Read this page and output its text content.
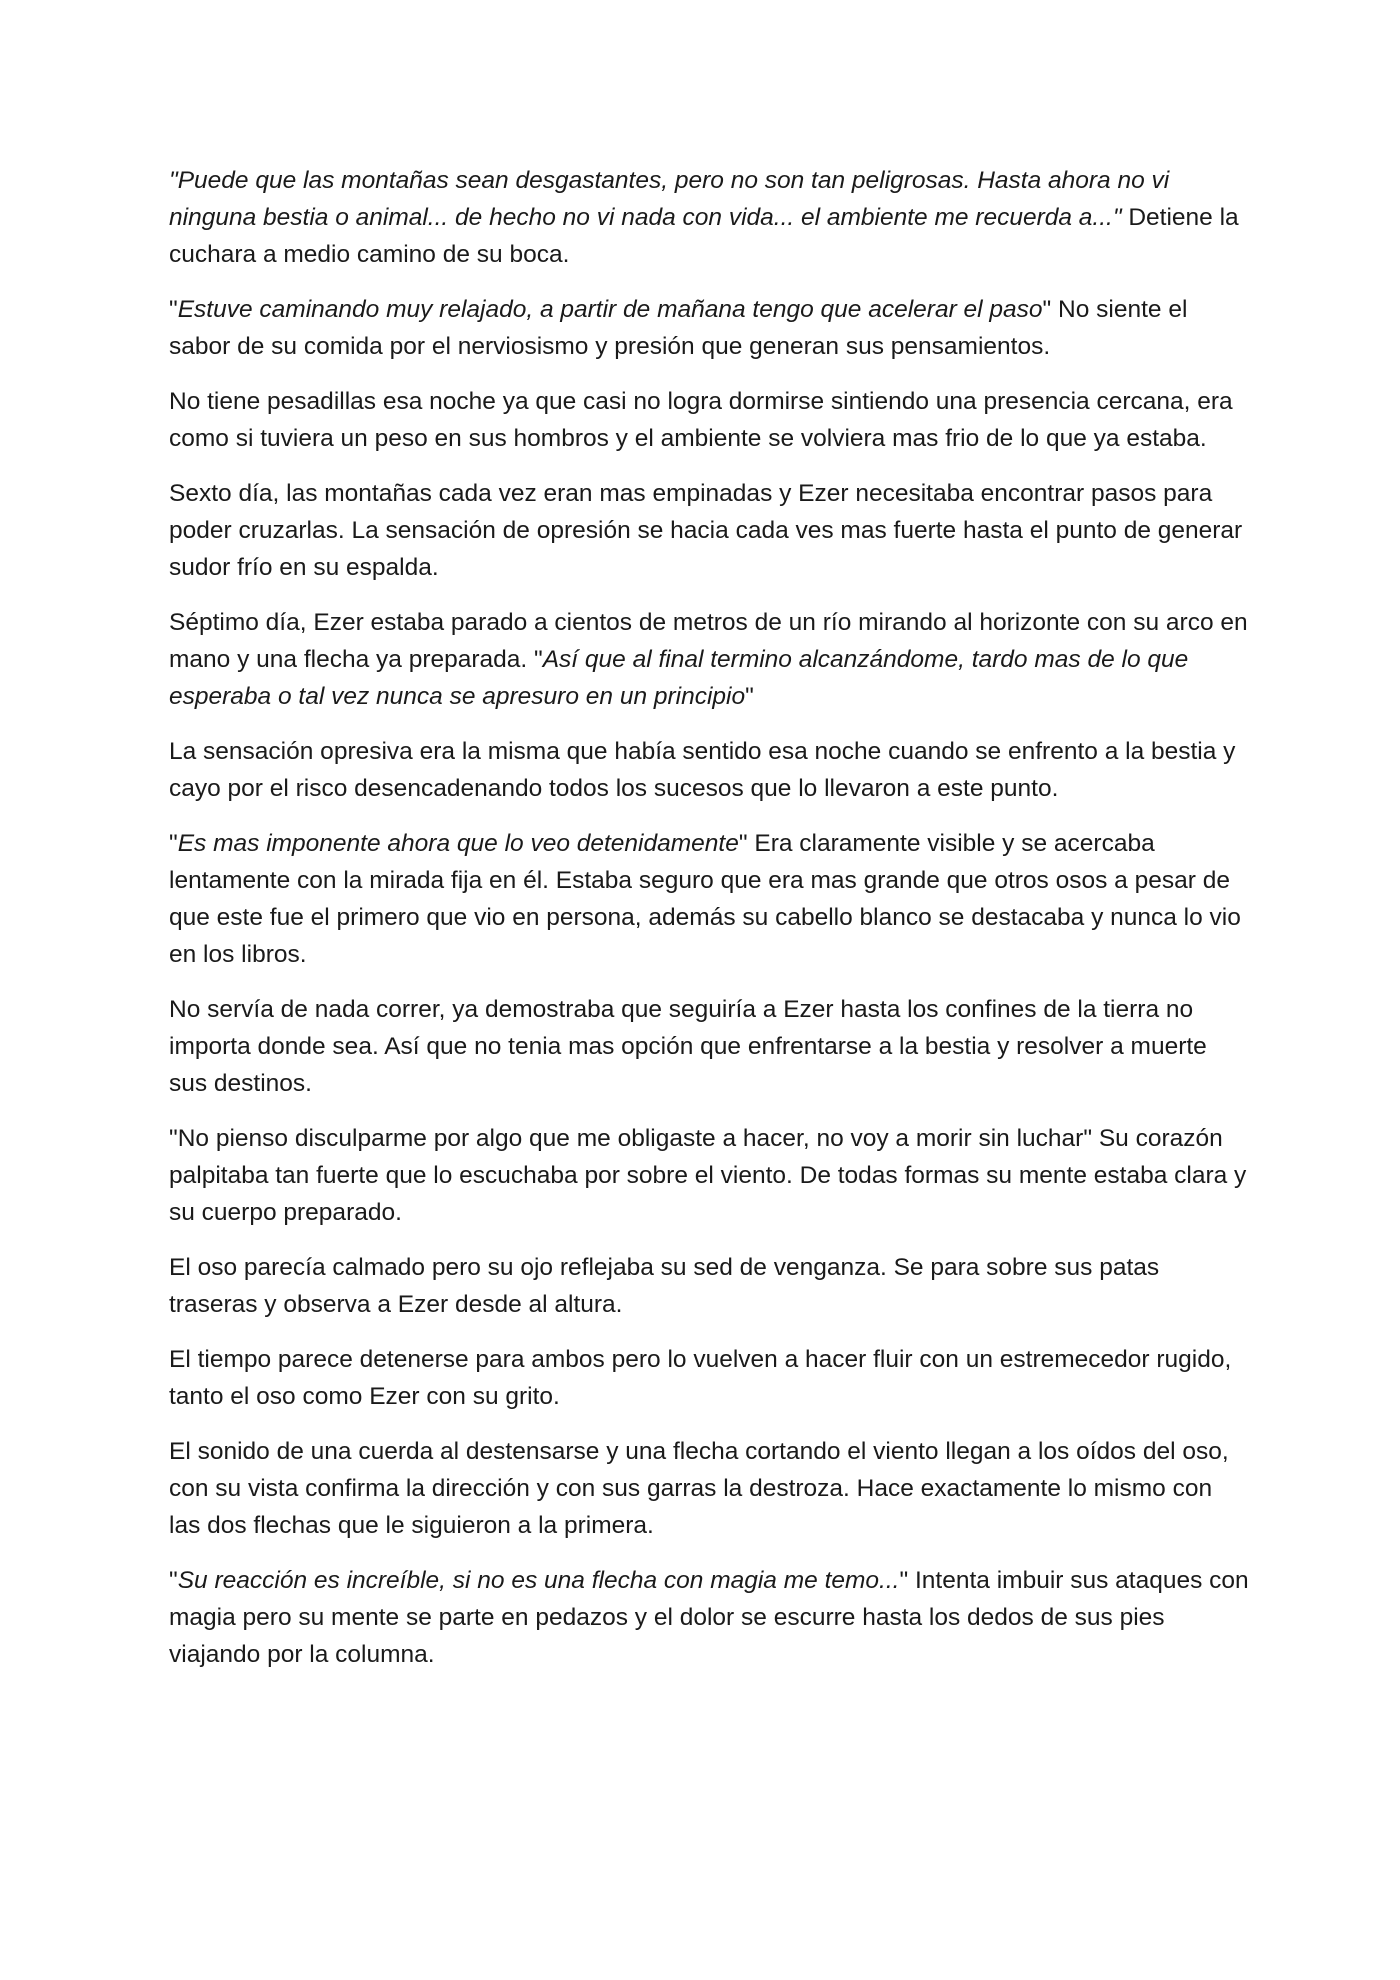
"Puede que las montañas sean desgastantes, pero no son tan peligrosas. Hasta ahora no vi ninguna bestia o animal... de hecho no vi nada con vida... el ambiente me recuerda a..." Detiene la cuchara a medio camino de su boca.

"Estuve caminando muy relajado, a partir de mañana tengo que acelerar el paso" No siente el sabor de su comida por el nerviosismo y presión que generan sus pensamientos.

No tiene pesadillas esa noche ya que casi no logra dormirse sintiendo una presencia cercana, era como si tuviera un peso en sus hombros y el ambiente se volviera mas frio de lo que ya estaba.

Sexto día, las montañas cada vez eran mas empinadas y Ezer necesitaba encontrar pasos para poder cruzarlas. La sensación de opresión se hacia cada ves mas fuerte hasta el punto de generar sudor frío en su espalda.

Séptimo día, Ezer estaba parado a cientos de metros de un río mirando al horizonte con su arco en mano y una flecha ya preparada. "Así que al final termino alcanzándome, tardo mas de lo que esperaba o tal vez nunca se apresuro en un principio"

La sensación opresiva era la misma que había sentido esa noche cuando se enfrento a la bestia y cayo por el risco desencadenando todos los sucesos que lo llevaron a este punto.

"Es mas imponente ahora que lo veo detenidamente" Era claramente visible y se acercaba lentamente con la mirada fija en él. Estaba seguro que era mas grande que otros osos a pesar de que este fue el primero que vio en persona, además su cabello blanco se destacaba y nunca lo vio en los libros.

No servía de nada correr, ya demostraba que seguiría a Ezer hasta los confines de la tierra no importa donde sea. Así que no tenia mas opción que enfrentarse a la bestia y resolver a muerte sus destinos.

"No pienso disculparme por algo que me obligaste a hacer, no voy a morir sin luchar" Su corazón palpitaba tan fuerte que lo escuchaba por sobre el viento. De todas formas su mente estaba clara y su cuerpo preparado.

El oso parecía calmado pero su ojo reflejaba su sed de venganza. Se para sobre sus patas traseras y observa a Ezer desde al altura.

El tiempo parece detenerse para ambos pero lo vuelven a hacer fluir con un estremecedor rugido, tanto el oso como Ezer con su grito.

El sonido de una cuerda al destensarse y una flecha cortando el viento llegan a los oídos del oso, con su vista confirma la dirección y con sus garras la destroza. Hace exactamente lo mismo con las dos flechas que le siguieron a la primera.

"Su reacción es increíble, si no es una flecha con magia me temo..." Intenta imbuir sus ataques con magia pero su mente se parte en pedazos y el dolor se escurre hasta los dedos de sus pies viajando por la columna.
